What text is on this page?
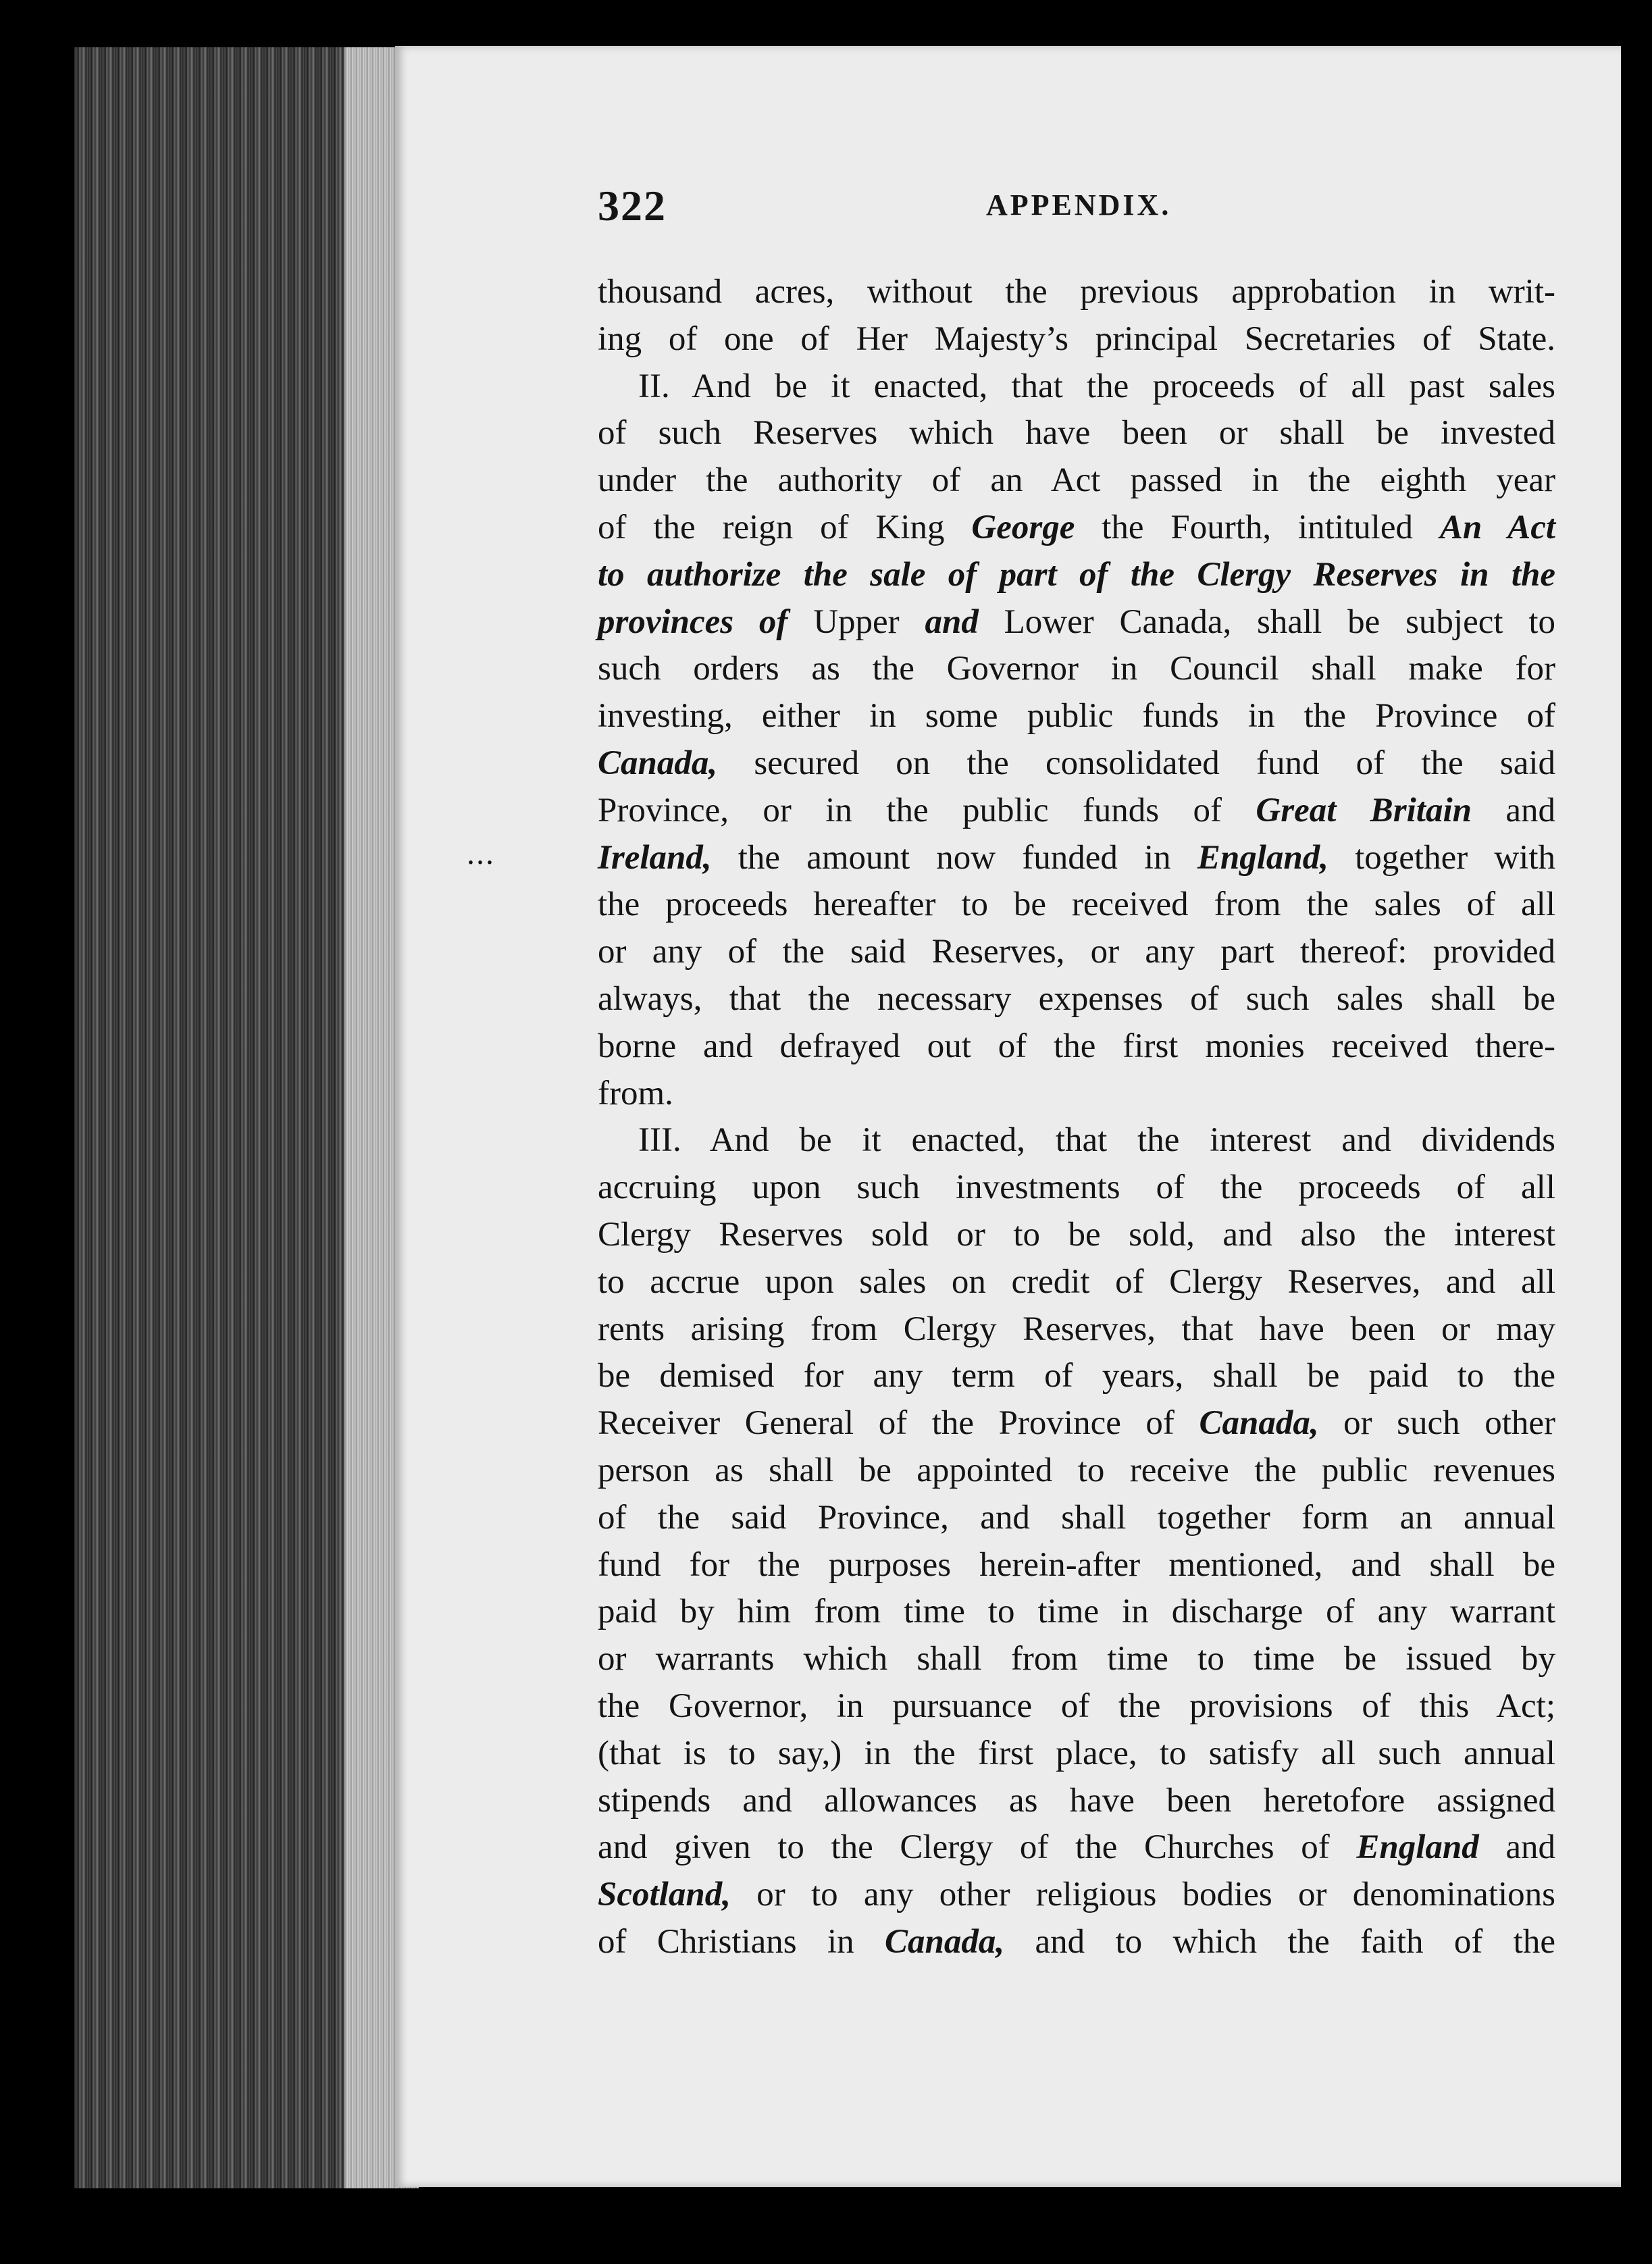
322	APPENDIX.
thousand acres, without the previous approbation in writ-
ing of one of Her Majesty’s principal Secretaries of State.
II. And be it enacted, that the proceeds of all past sales
of such Reserves which have been or shall be invested
under the authority of an Act passed in the eighth year
of the reign of King George the Fourth, intituled An Act
to authorize the sale of part of the Clergy Reserves in the
provinces of Upper and Lower Canada, shall be subject to
such orders as the Governor in Council shall make for
investing, either in some public funds in the Province of
Canada, secured on the consolidated fund of the said
Province, or in the public funds of Great Britain and
Ireland, the amount now funded in England, together with
the proceeds hereafter to be received from the sales of all
or any of the said Reserves, or any part thereof: provided
always, that the necessary expenses of such sales shall be
borne and defrayed out of the first monies received there-
from.
III. And be it enacted, that the interest and dividends
accruing upon such investments of the proceeds of all
Clergy Reserves sold or to be sold, and also the interest
to accrue upon sales on credit of Clergy Reserves, and all
rents arising from Clergy Reserves, that have been or may
be demised for any term of years, shall be paid to the
Receiver General of the Province of Canada, or such other
person as shall be appointed to receive the public revenues
of the said Province, and shall together form an annual
fund for the purposes herein-after mentioned, and shall be
paid by him from time to time in discharge of any warrant
or warrants which shall from time to time be issued by
the Governor, in pursuance of the provisions of this Act;
(that is to say,) in the first place, to satisfy all such annual
stipends and allowances as have been heretofore assigned
and given to the Clergy of the Churches of England and
Scotland, or to any other religious bodies or denominations
of Christians in Canada, and to which the faith of the
…
